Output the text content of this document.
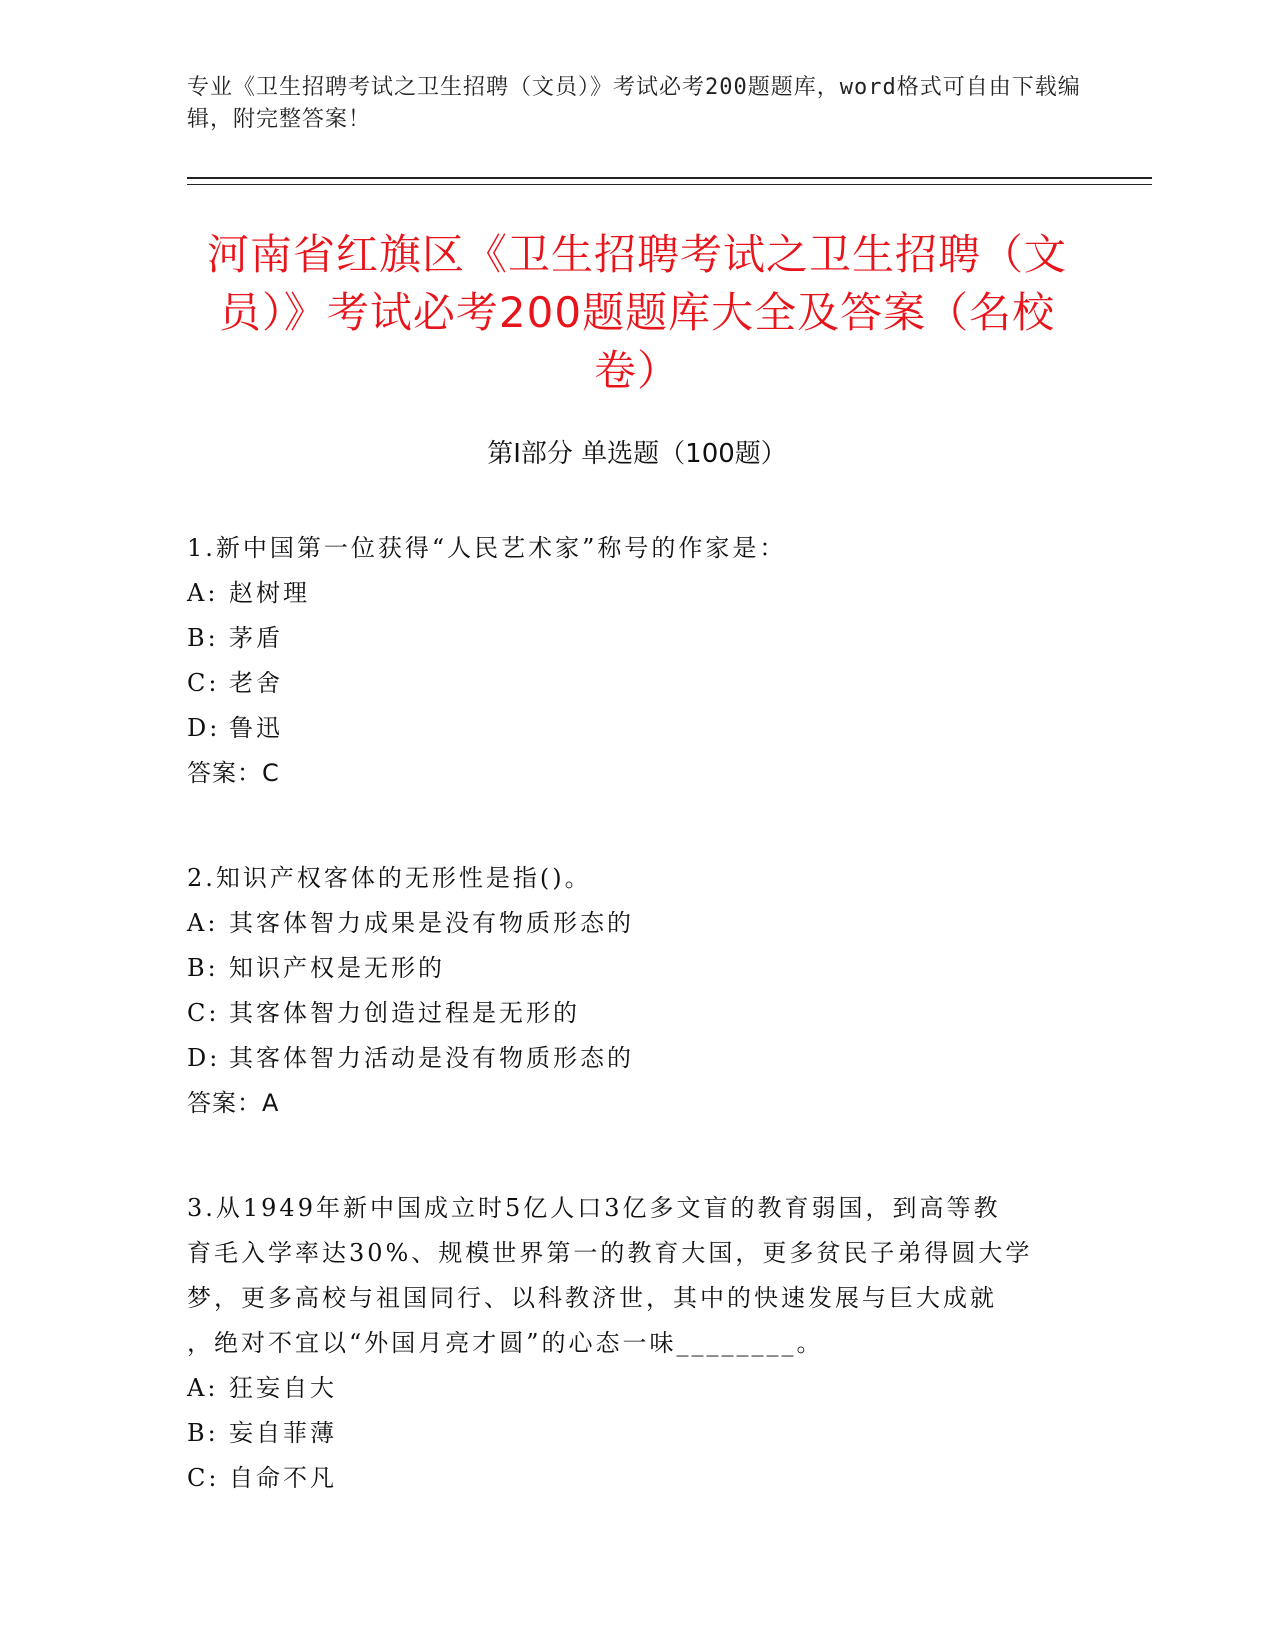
专业《卫生招聘考试之卫生招聘（文员）》考试必考200题题库，word格式可自由下载编辑，附完整答案！
河南省红旗区《卫生招聘考试之卫生招聘（文员）》考试必考200题题库大全及答案（名校卷）
第Ⅰ部分 单选题（100题）
1.新中国第一位获得“人民艺术家”称号的作家是：
A: 赵树理
B: 茅盾
C: 老舍
D: 鲁迅
答案：C
2.知识产权客体的无形性是指()。
A: 其客体智力成果是没有物质形态的
B: 知识产权是无形的
C: 其客体智力创造过程是无形的
D: 其客体智力活动是没有物质形态的
答案：A
3.从1949年新中国成立时5亿人口3亿多文盲的教育弱国，到高等教
育毛入学率达30%、规模世界第一的教育大国，更多贫民子弟得圆大学
梦，更多高校与祖国同行、以科教济世，其中的快速发展与巨大成就
，绝对不宜以“外国月亮才圆”的心态一味________。
A: 狂妄自大
B: 妄自菲薄
C: 自命不凡
